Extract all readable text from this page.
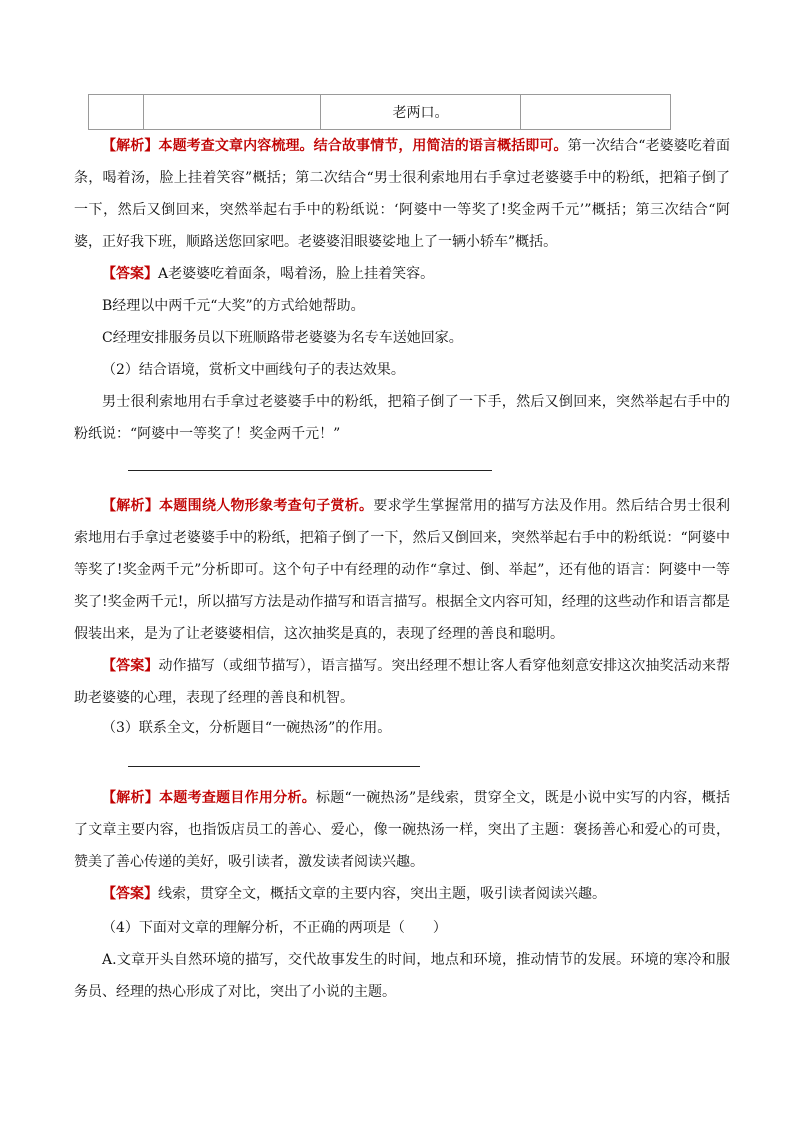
		老两口。	

【解析】本题考查文章内容梳理。结合故事情节，用简洁的语言概括即可。第一次结合“老婆婆吃着面条，喝着汤，脸上挂着笑容”概括；第二次结合“男士很利索地用右手拿过老婆婆手中的粉纸，把箱子倒了一下，然后又倒回来，突然举起右手中的粉纸说：‘阿婆中一等奖了!奖金两千元’”概括；第三次结合“阿婆，正好我下班，顺路送您回家吧。老婆婆泪眼婆娑地上了一辆小轿车”概括。

【答案】A老婆婆吃着面条，喝着汤，脸上挂着笑容。

B经理以中两千元“大奖”的方式给她帮助。

C经理安排服务员以下班顺路带老婆婆为名专车送她回家。

（2）结合语境，赏析文中画线句子的表达效果。

男士很利索地用右手拿过老婆婆手中的粉纸，把箱子倒了一下手，然后又倒回来，突然举起右手中的粉纸说：“阿婆中一等奖了！奖金两千元！”

【解析】本题围绕人物形象考查句子赏析。要求学生掌握常用的描写方法及作用。然后结合男士很利索地用右手拿过老婆婆手中的粉纸，把箱子倒了一下，然后又倒回来，突然举起右手中的粉纸说：“阿婆中等奖了!奖金两千元”分析即可。这个句子中有经理的动作“拿过、倒、举起”，还有他的语言：阿婆中一等奖了!奖金两千元!，所以描写方法是动作描写和语言描写。根据全文内容可知，经理的这些动作和语言都是假装出来，是为了让老婆婆相信，这次抽奖是真的，表现了经理的善良和聪明。

【答案】动作描写（或细节描写），语言描写。突出经理不想让客人看穿他刻意安排这次抽奖活动来帮助老婆婆的心理，表现了经理的善良和机智。

（3）联系全文，分析题目“一碗热汤”的作用。

【解析】本题考查题目作用分析。标题“一碗热汤”是线索，贯穿全文，既是小说中实写的内容，概括了文章主要内容，也指饭店员工的善心、爱心，像一碗热汤一样，突出了主题：褒扬善心和爱心的可贵，赞美了善心传递的美好，吸引读者，激发读者阅读兴趣。

【答案】线索，贯穿全文，概括文章的主要内容，突出主题，吸引读者阅读兴趣。

（4）下面对文章的理解分析，不正确的两项是（　　）

A.文章开头自然环境的描写，交代故事发生的时间，地点和环境，推动情节的发展。环境的寒冷和服务员、经理的热心形成了对比，突出了小说的主题。
